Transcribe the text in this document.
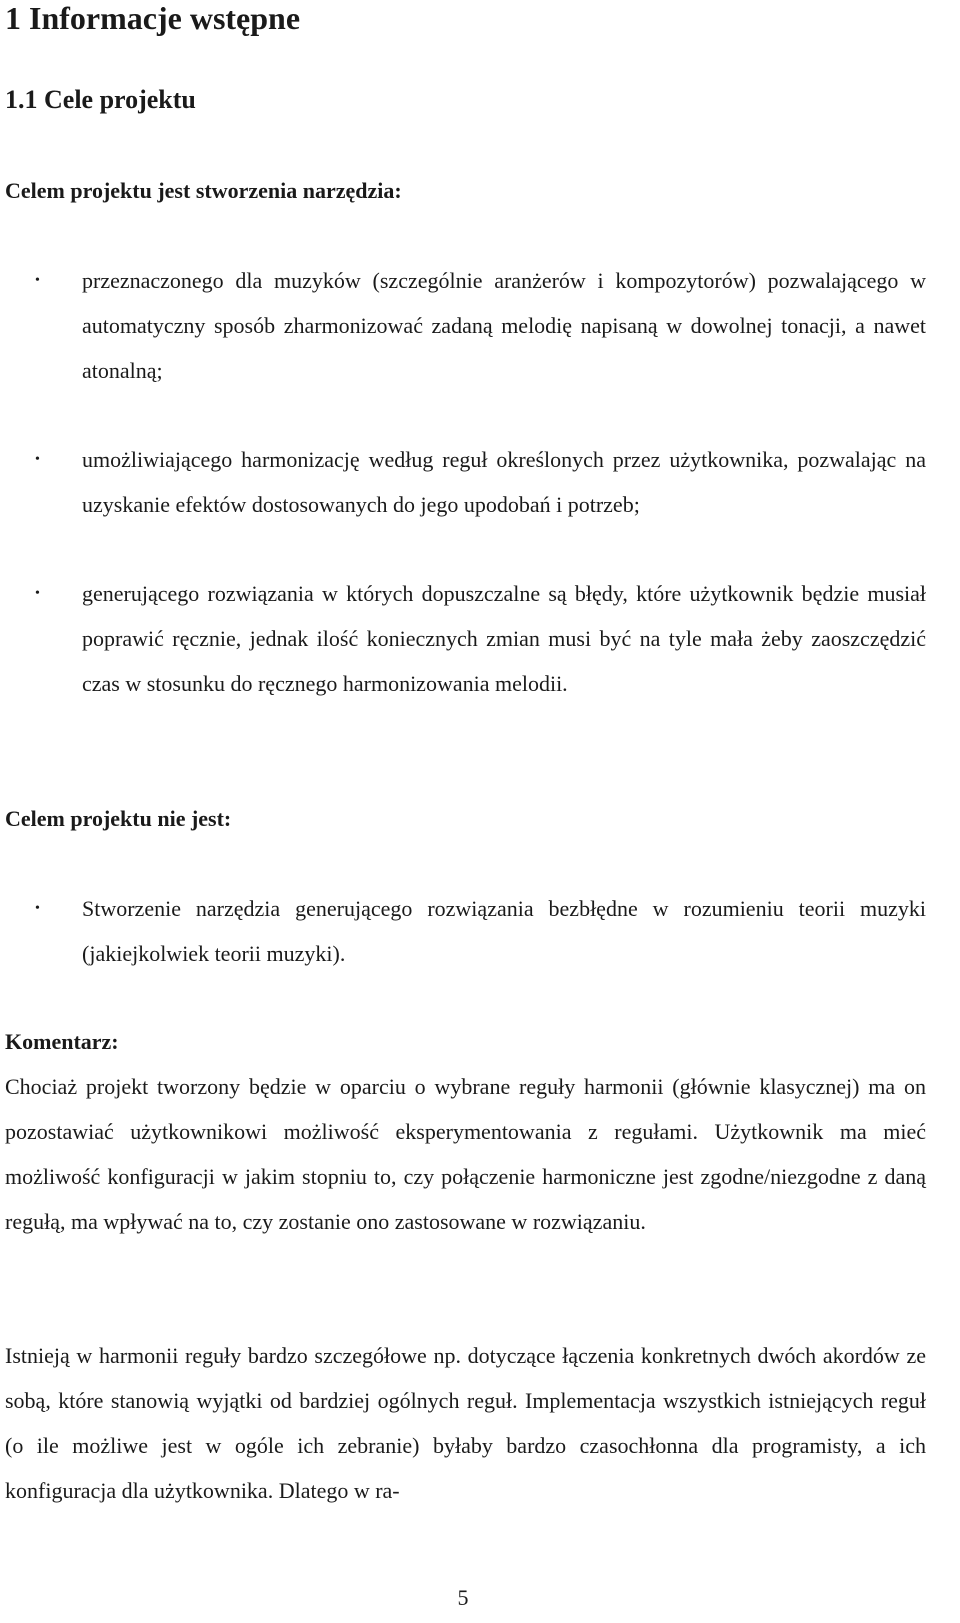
1 Informacje wstępne
1.1 Cele projektu
Celem projektu jest stworzenia narzędzia:
• przeznaczonego dla muzyków (szczególnie aranżerów i kompozytorów) pozwalającego w automatyczny sposób zharmonizować zadaną melodię napisaną w dowolnej tonacji, a nawet atonalną;
• umożliwiającego harmonizację według reguł określonych przez użytkownika, pozwalając na uzyskanie efektów dostosowanych do jego upodobań i potrzeb;
• generującego rozwiązania w których dopuszczalne są błędy, które użytkownik będzie musiał poprawić ręcznie, jednak ilość koniecznych zmian musi być na tyle mała żeby zaoszczędzić czas w stosunku do ręcznego harmonizowania melodii.
Celem projektu nie jest:
• Stworzenie narzędzia generującego rozwiązania bezbłędne w rozumieniu teorii muzyki (jakiejkolwiek teorii muzyki).
Komentarz:

Chociaż projekt tworzony będzie w oparciu o wybrane reguły harmonii (głównie klasycznej) ma on pozostawiać użytkownikowi możliwość eksperymentowania z regułami. Użytkownik ma mieć możliwość konfiguracji w jakim stopniu to, czy połączenie harmoniczne jest zgodne/niezgodne z daną regułą, ma wpływać na to, czy zostanie ono zastosowane w rozwiązaniu.

Istnieją w harmonii reguły bardzo szczegółowe np. dotyczące łączenia konkretnych dwóch akordów ze sobą, które stanowią wyjątki od bardziej ogólnych reguł. Implementacja wszystkich istniejących reguł (o ile możliwe jest w ogóle ich zebranie) byłaby bardzo czasochłonna dla programisty, a ich konfiguracja dla użytkownika. Dlatego w ra-

5
